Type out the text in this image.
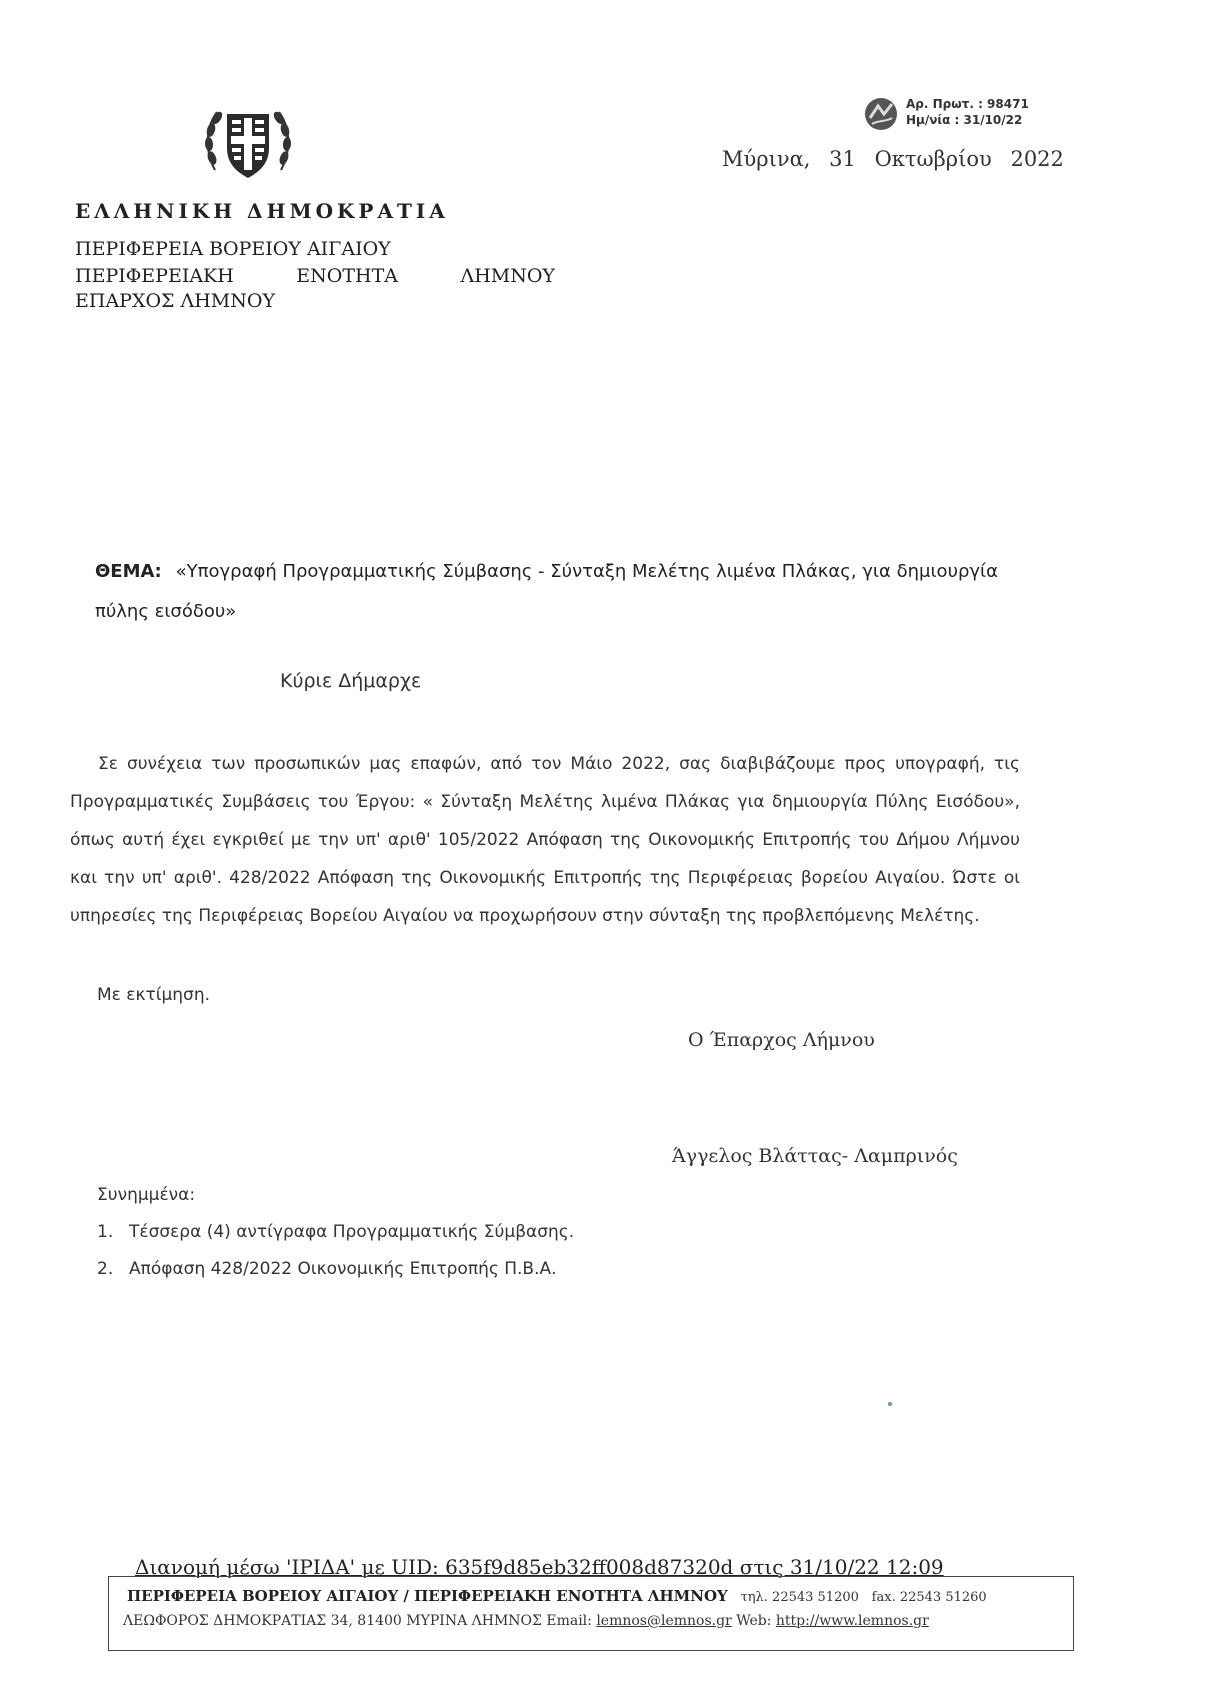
Αρ. Πρωτ. : 98471
Ημ/νία : 31/10/22
Μύρινα, 31 Οκτωβρίου 2022
ΕΛΛΗΝΙΚΗ ΔΗΜΟΚΡΑΤΙΑ
ΠΕΡΙΦΕΡΕΙΑ ΒΟΡΕΙΟΥ ΑΙΓΑΙΟΥ
ΠΕΡΙΦΕΡΕΙΑΚΗ	ΕΝΟΤΗΤΑ	ΛΗΜΝΟΥ
ΕΠΑΡΧΟΣ ΛΗΜΝΟΥ
ΘΕΜΑ: «Υπογραφή Προγραμματικής Σύμβασης - Σύνταξη Μελέτης λιμένα Πλάκας, για δημιουργία πύλης εισόδου»
Κύριε Δήμαρχε
Σε συνέχεια των προσωπικών μας επαφών, από τον Μάιο 2022, σας διαβιβάζουμε προς υπογραφή, τις Προγραμματικές Συμβάσεις του Έργου: « Σύνταξη Μελέτης λιμένα Πλάκας για δημιουργία Πύλης Εισόδου», όπως αυτή έχει εγκριθεί με την υπ' αριθ' 105/2022 Απόφαση της Οικονομικής Επιτροπής του Δήμου Λήμνου και την υπ' αριθ'. 428/2022 Απόφαση της Οικονομικής Επιτροπής της Περιφέρειας βορείου Αιγαίου. Ώστε οι υπηρεσίες της Περιφέρειας Βορείου Αιγαίου να προχωρήσουν στην σύνταξη της προβλεπόμενης Μελέτης.
Με εκτίμηση.
Ο Έπαρχος Λήμνου
Άγγελος Βλάττας- Λαμπρινός
Συνημμένα:
1. Τέσσερα (4) αντίγραφα Προγραμματικής Σύμβασης.
2. Απόφαση 428/2022 Οικονομικής Επιτροπής Π.Β.Α.
Διανομή μέσω 'ΙΡΙΔΑ' με UID: 635f9d85eb32ff008d87320d στις 31/10/22 12:09
ΠΕΡΙΦΕΡΕΙΑ ΒΟΡΕΙΟΥ ΑΙΓΑΙΟΥ / ΠΕΡΙΦΕΡΕΙΑΚΗ ΕΝΟΤΗΤΑ ΛΗΜΝΟΥ τηλ. 22543 51200 fax. 22543 51260
ΛΕΩΦΟΡΟΣ ΔΗΜΟΚΡΑΤΙΑΣ 34, 81400 ΜΥΡΙΝΑ ΛΗΜΝΟΣ Email: lemnos@lemnos.gr Web: http://www.lemnos.gr
